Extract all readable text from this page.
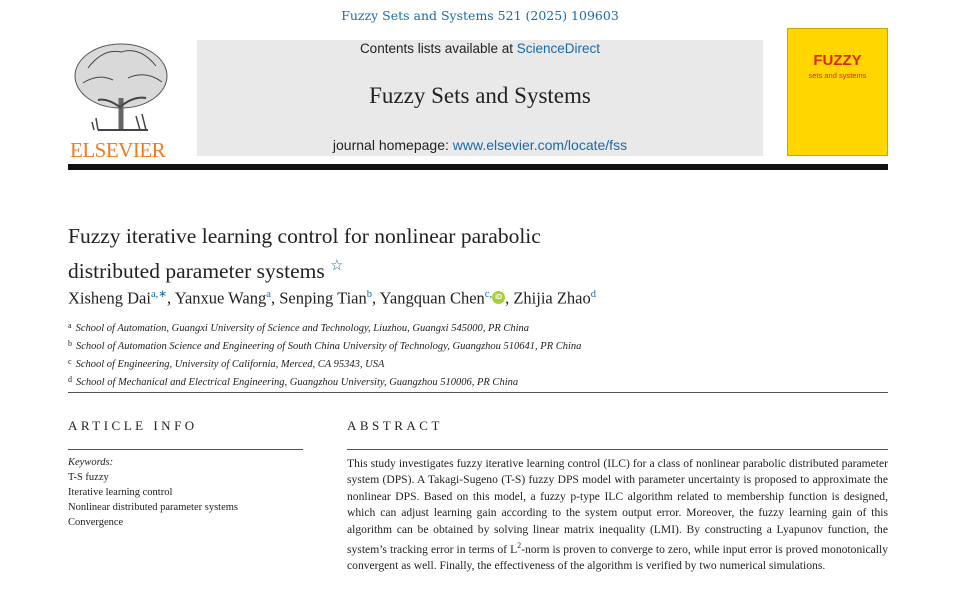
Fuzzy Sets and Systems 521 (2025) 109603
ELSEVIER
Contents lists available at ScienceDirect
Fuzzy Sets and Systems
journal homepage: www.elsevier.com/locate/fss
FUZZY
sets and systems
Fuzzy iterative learning control for nonlinear parabolic
distributed parameter systems ☆
Xisheng Dai$^{a,∗}$, Yanxue Wang$^a$, Senping Tian$^b$, Yangquan Chen$^{c,}$ iD , Zhijia Zhao$^d$
$^a$ School of Automation, Guangxi University of Science and Technology, Liuzhou, Guangxi 545000, PR China
$^b$ School of Automation Science and Engineering of South China University of Technology, Guangzhou 510641, PR China
$^c$ School of Engineering, University of California, Merced, CA 95343, USA
$^d$ School of Mechanical and Electrical Engineering, Guangzhou University, Guangzhou 510006, PR China
ARTICLE INFO
Keywords:
T-S fuzzy
Iterative learning control
Nonlinear distributed parameter systems
Convergence
ABSTRACT
This study investigates fuzzy iterative learning control (ILC) for a class of nonlinear parabolic distributed parameter system (DPS). A Takagi-Sugeno (T-S) fuzzy DPS model with parameter uncertainty is proposed to approximate the nonlinear DPS. Based on this model, a fuzzy p-type ILC algorithm related to membership function is designed, which can adjust learning gain according to the system output error. Moreover, the fuzzy learning gain of this algorithm can be obtained by solving linear matrix inequality (LMI). By constructing a Lyapunov function, the system’s tracking error in terms of $L^2$-norm is proven to converge to zero, while input error is proved monotonically convergent as well. Finally, the effectiveness of the algorithm is verified by two numerical simulations.
